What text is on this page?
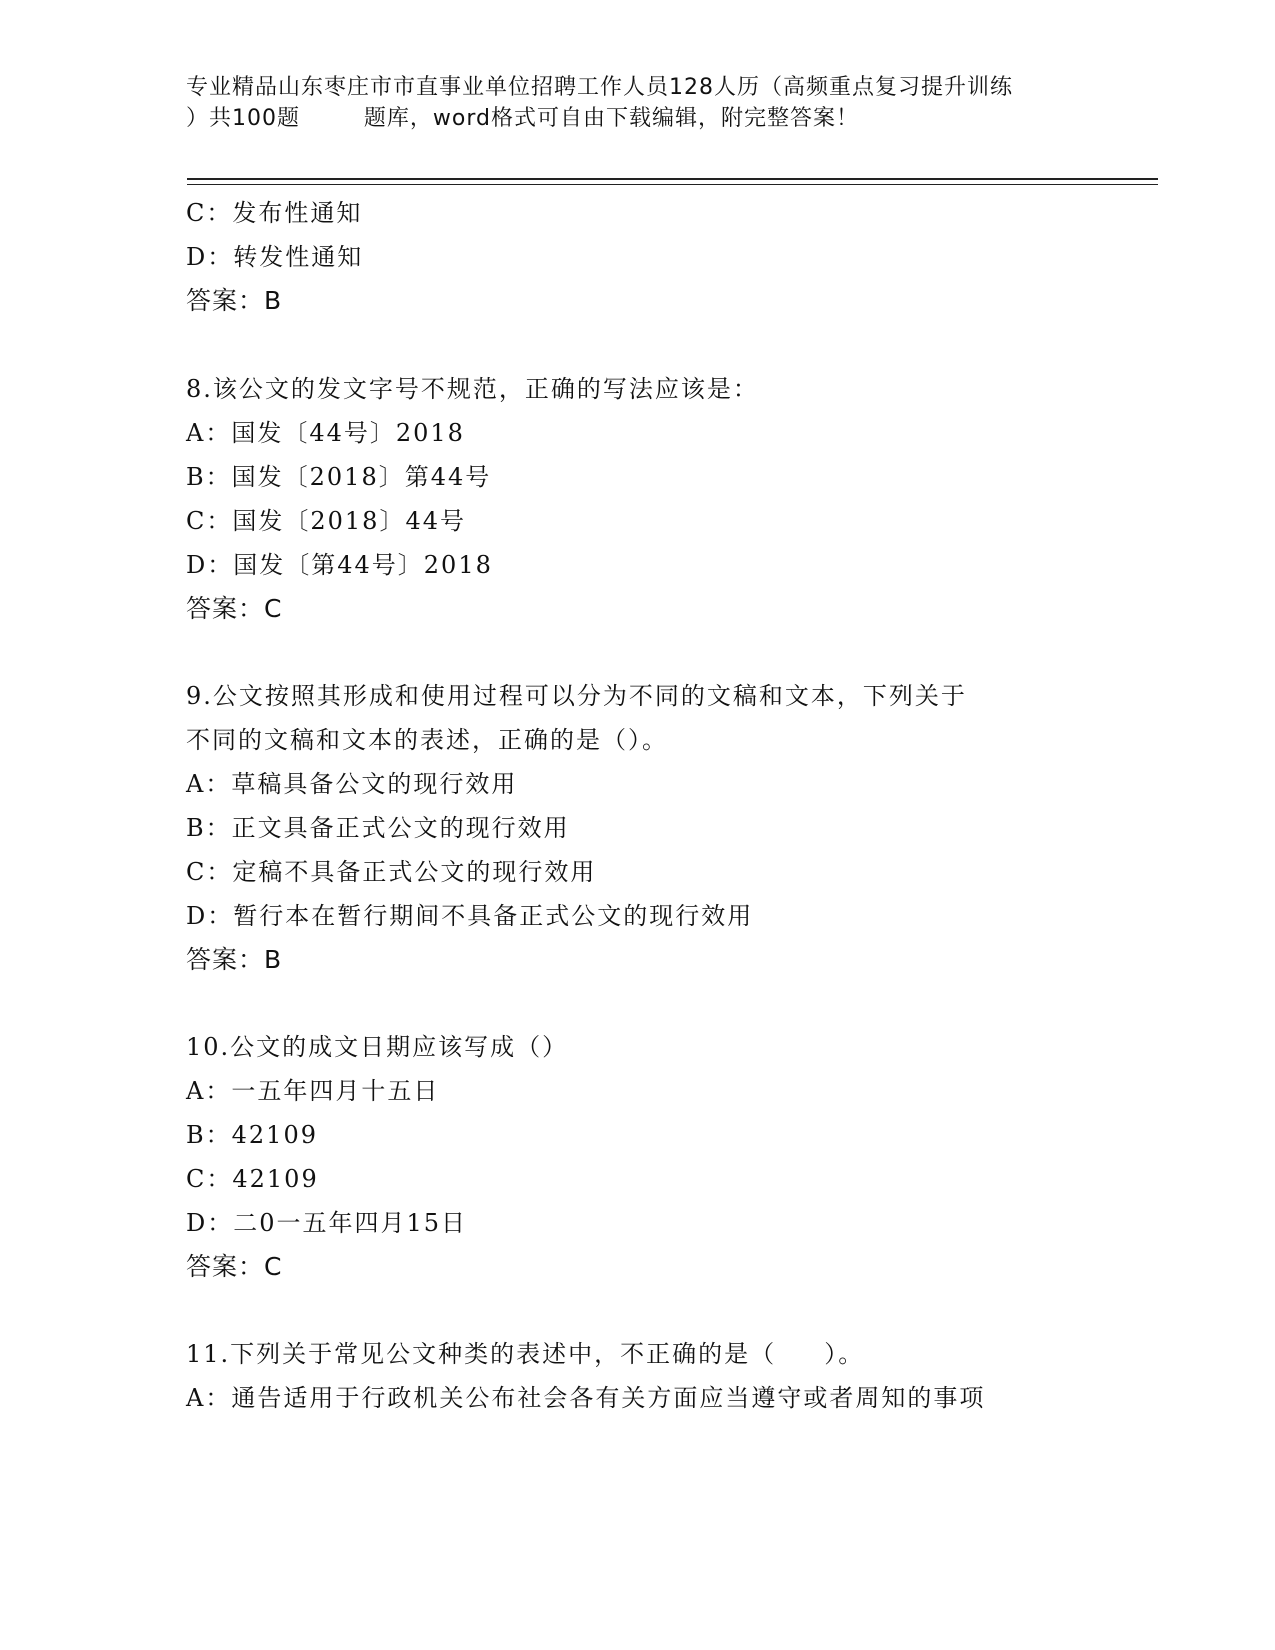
专业精品山东枣庄市市直事业单位招聘工作人员128人历（高频重点复习提升训练
）共100题        题库，word格式可自由下载编辑，附完整答案！
C：发布性通知
D：转发性通知
答案：B
8.该公文的发文字号不规范，正确的写法应该是：
A：国发〔44号〕2018
B：国发〔2018〕第44号
C：国发〔2018〕44号
D：国发〔第44号〕2018
答案：C
9.公文按照其形成和使用过程可以分为不同的文稿和文本，下列关于
不同的文稿和文本的表述，正确的是（）。
A：草稿具备公文的现行效用
B：正文具备正式公文的现行效用
C：定稿不具备正式公文的现行效用
D：暂行本在暂行期间不具备正式公文的现行效用
答案：B
10.公文的成文日期应该写成（）
A：一五年四月十五日
B：42109
C：42109
D：二0一五年四月15日
答案：C
11.下列关于常见公文种类的表述中，不正确的是（     ）。
A：通告适用于行政机关公布社会各有关方面应当遵守或者周知的事项
